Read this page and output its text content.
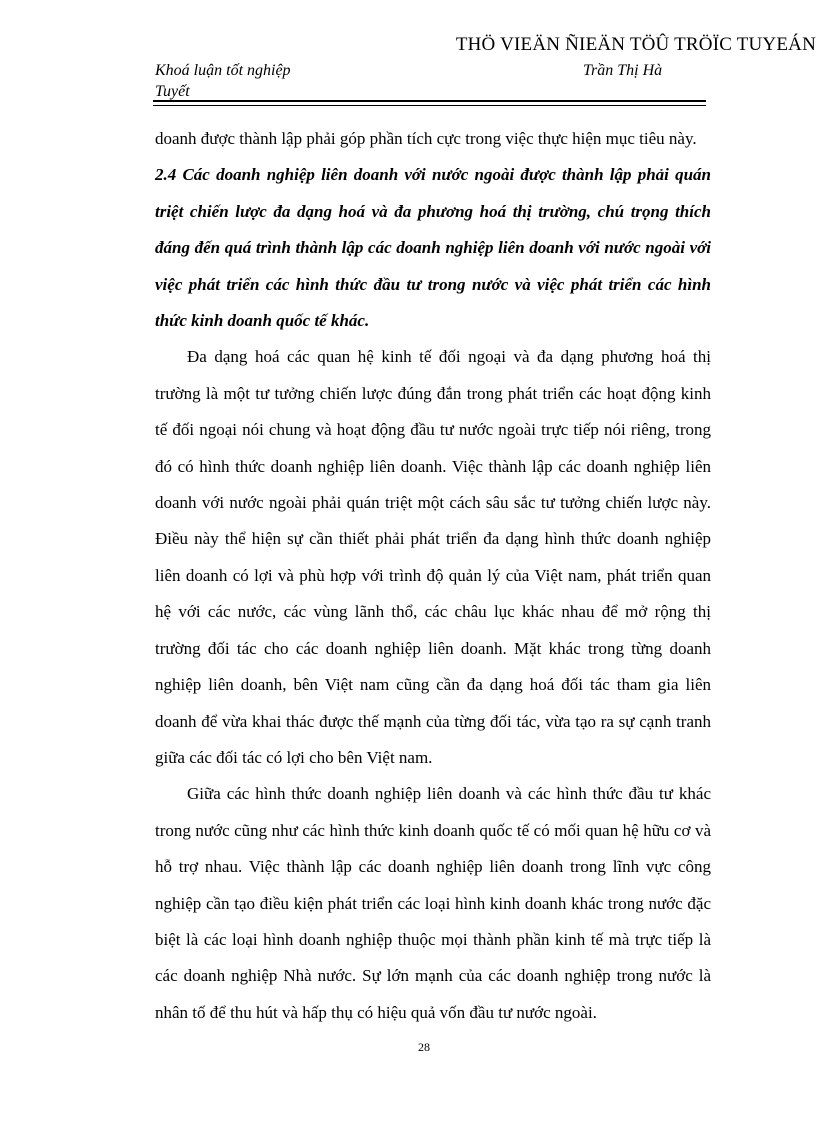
THÖ VIEÄN ÑIEÄN TÖÛ TRÖÏC TUYEÁN
Khoá luận tốt nghiệp
Tuyết
Trần Thị Hà

doanh được thành lập phải góp phần tích cực trong việc thực hiện mục tiêu này.

2.4 Các doanh nghiệp liên doanh với nước ngoài được thành lập phải quán triệt chiến lược đa dạng hoá và đa phương hoá thị trường, chú trọng thích đáng đến quá trình thành lập các doanh nghiệp liên doanh với nước ngoài với việc phát triển các hình thức đầu tư trong nước và việc phát triển các hình thức kinh doanh quốc tế khác.

Đa dạng hoá các quan hệ kinh tế đối ngoại và đa dạng phương hoá thị trường là một tư tưởng chiến lược đúng đắn trong phát triển các hoạt động kinh tế đối ngoại nói chung và hoạt động đầu tư nước ngoài trực tiếp nói riêng, trong đó có hình thức doanh nghiệp liên doanh. Việc thành lập các doanh nghiệp liên doanh với nước ngoài phải quán triệt một cách sâu sắc tư tưởng chiến lược này. Điều này thể hiện sự cần thiết phải phát triển đa dạng hình thức doanh nghiệp liên doanh có lợi và phù hợp với trình độ quản lý của Việt nam, phát triển quan hệ với các nước, các vùng lãnh thổ, các châu lục khác nhau để mở rộng thị trường đối tác cho các doanh nghiệp liên doanh. Mặt khác trong từng doanh nghiệp liên doanh, bên Việt nam cũng cần đa dạng hoá đối tác tham gia liên doanh để vừa khai thác được thế mạnh của từng đối tác, vừa tạo ra sự cạnh tranh giữa các đối tác có lợi cho bên Việt nam.

Giữa các hình thức doanh nghiệp liên doanh và các hình thức đầu tư khác trong nước cũng như các hình thức kinh doanh quốc tế có mối quan hệ hữu cơ và hỗ trợ nhau. Việc thành lập các doanh nghiệp liên doanh trong lĩnh vực công nghiệp cần tạo điều kiện phát triển các loại hình kinh doanh khác trong nước đặc biệt là các loại hình doanh nghiệp thuộc mọi thành phần kinh tế mà trực tiếp là các doanh nghiệp Nhà nước. Sự lớn mạnh của các doanh nghiệp trong nước là nhân tố để thu hút và hấp thụ có hiệu quả vốn đầu tư nước ngoài.

28
